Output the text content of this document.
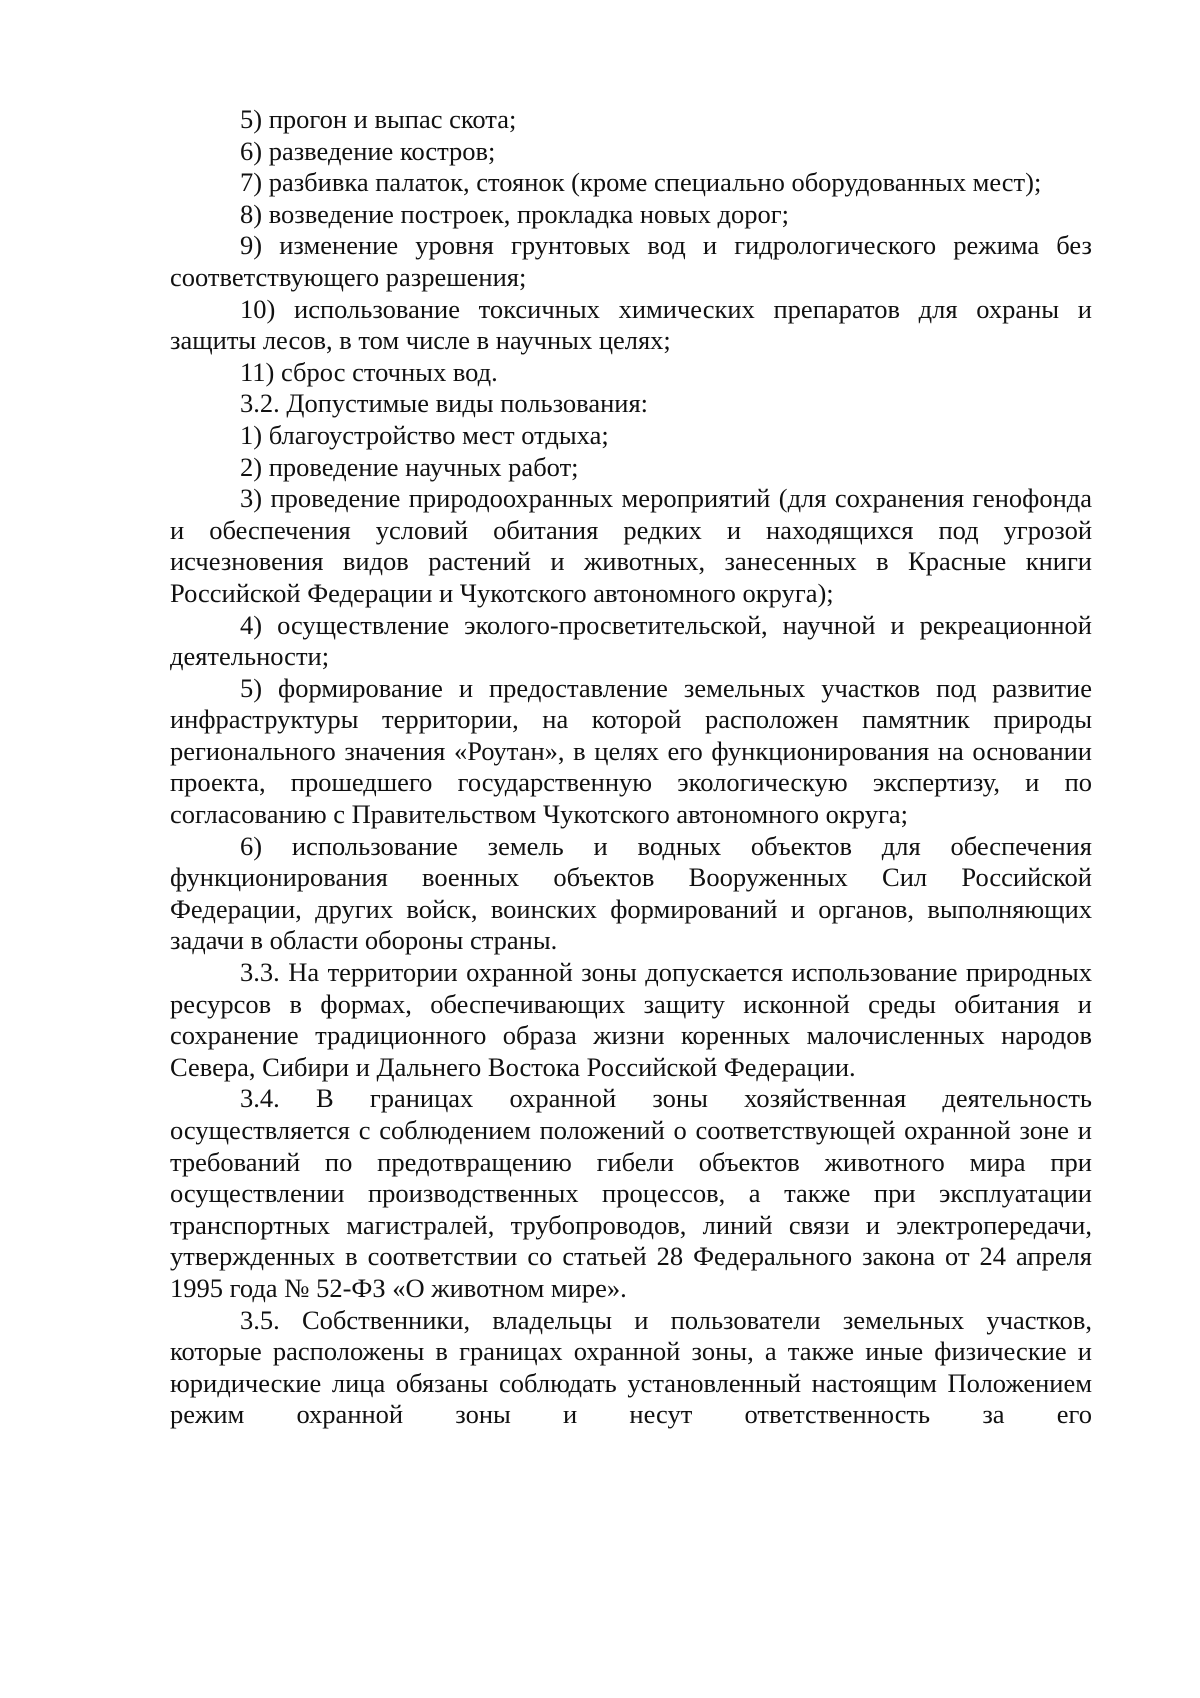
5) прогон и выпас скота;

6) разведение костров;

7) разбивка палаток, стоянок (кроме специально оборудованных мест);

8) возведение построек, прокладка новых дорог;

9) изменение уровня грунтовых вод и гидрологического режима без соответствующего разрешения;

10) использование токсичных химических препаратов для охраны и защиты лесов, в том числе в научных целях;

11) сброс сточных вод.

3.2. Допустимые виды пользования:

1) благоустройство мест отдыха;

2) проведение научных работ;

3) проведение природоохранных мероприятий (для сохранения генофонда и обеспечения условий обитания редких и находящихся под угрозой исчезновения видов растений и животных, занесенных в Красные книги Российской Федерации и Чукотского автономного округа);

4) осуществление эколого-просветительской, научной и рекреационной деятельности;

5) формирование и предоставление земельных участков под развитие инфраструктуры территории, на которой расположен памятник природы регионального значения «Роутан», в целях его функционирования на основании проекта, прошедшего государственную экологическую экспертизу, и по согласованию с Правительством Чукотского автономного округа;

6) использование земель и водных объектов для обеспечения функционирования военных объектов Вооруженных Сил Российской Федерации, других войск, воинских формирований и органов, выполняющих задачи в области обороны страны.

3.3. На территории охранной зоны допускается использование природных ресурсов в формах, обеспечивающих защиту исконной среды обитания и сохранение традиционного образа жизни коренных малочисленных народов Севера, Сибири и Дальнего Востока Российской Федерации.

3.4. В границах охранной зоны хозяйственная деятельность осуществляется с соблюдением положений о соответствующей охранной зоне и требований по предотвращению гибели объектов животного мира при осуществлении производственных процессов, а также при эксплуатации транспортных магистралей, трубопроводов, линий связи и электропередачи, утвержденных в соответствии со статьей 28 Федерального закона от 24 апреля 1995 года № 52-ФЗ «О животном мире».

3.5. Собственники, владельцы и пользователи земельных участков, которые расположены в границах охранной зоны, а также иные физические и юридические лица обязаны соблюдать установленный настоящим Положением режим охранной зоны и несут ответственность за его
